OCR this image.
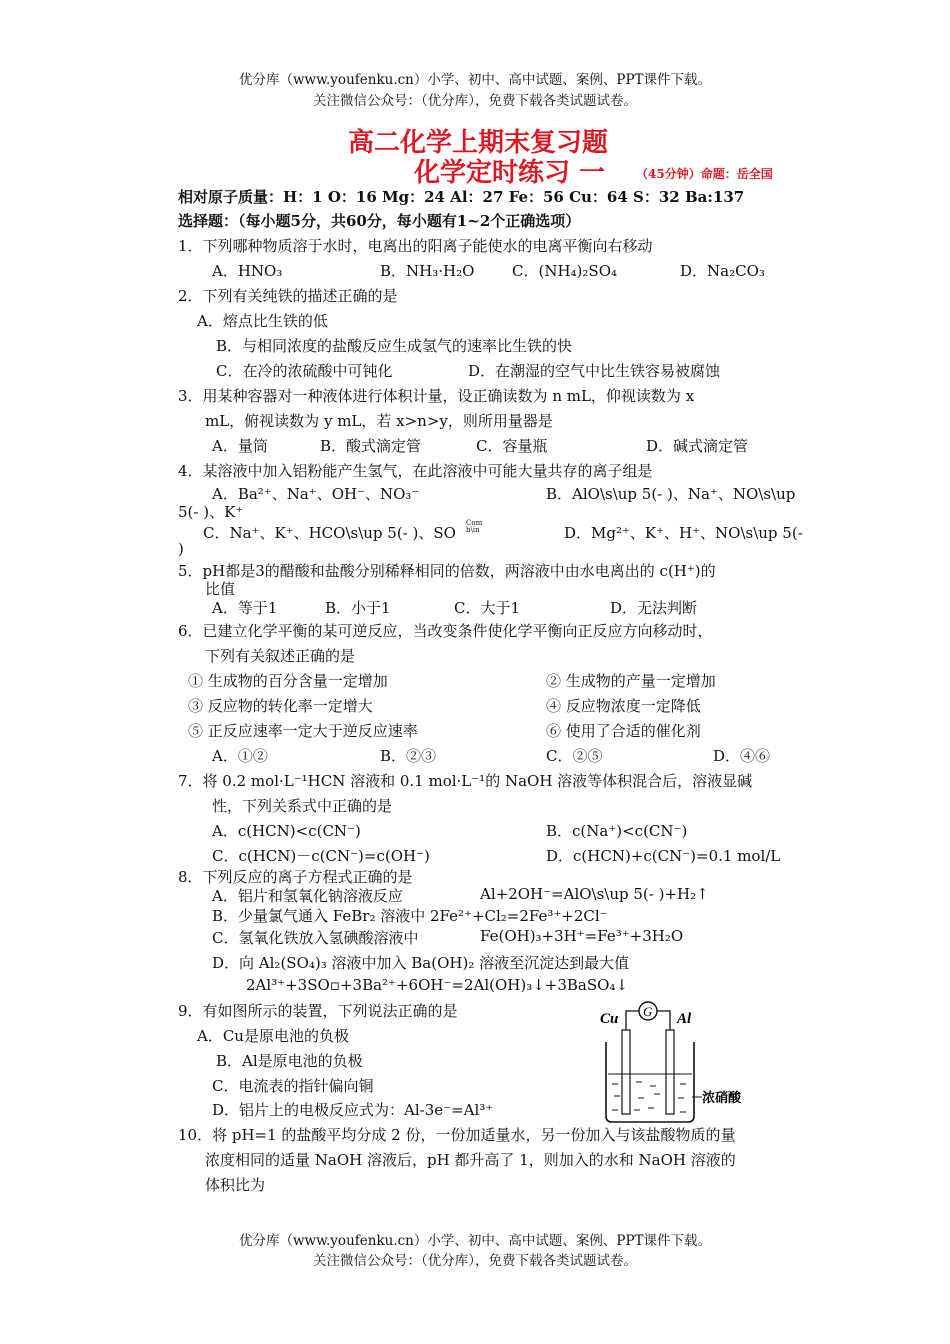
优分库（www.youfenku.cn）小学、初中、高中试题、案例、PPT课件下载。
关注微信公众号：（优分库），免费下载各类试题试卷。
高二化学上期末复习题
化学定时练习 一	（45分钟）命题：岳全国
相对原子质量：H：1 O：16 Mg：24 Al：27 Fe：56 Cu：64 S：32 Ba:137
选择题：（每小题5分，共60分，每小题有1~2个正确选项）
1．下列哪种物质溶于水时，电离出的阳离子能使水的电离平衡向右移动
A．HNO₃	B．NH₃·H₂O	C．(NH₄)₂SO₄	D．Na₂CO₃
2．下列有关纯铁的描述正确的是
A．熔点比生铁的低
B．与相同浓度的盐酸反应生成氢气的速率比生铁的快
C．在冷的浓硫酸中可钝化	D．在潮湿的空气中比生铁容易被腐蚀
3．用某种容器对一种液体进行体积计量，设正确读数为 n mL，仰视读数为 x
mL，俯视读数为 y mL，若 x>n>y，则所用量器是
A．量筒	B．酸式滴定管	C．容量瓶	D．碱式滴定管
4．某溶液中加入铝粉能产生氢气，在此溶液中可能大量共存的离子组是
A．Ba²⁺、Na⁺、OH⁻、NO₃⁻	B．AlO\s\up 5(- )、Na⁺、NO\s\up
5(- )、K⁺
C．Na⁺、K⁺、HCO\s\up 5(- )、SO
Com
b\in	D．Mg²⁺、K⁺、H⁺、NO\s\up 5(-
)
5．pH都是3的醋酸和盐酸分别稀释相同的倍数，两溶液中由水电离出的 c(H⁺)的
比值
A．等于1	B．小于1	C．大于1	D．无法判断
6．已建立化学平衡的某可逆反应，当改变条件使化学平衡向正反应方向移动时，
下列有关叙述正确的是
① 生成物的百分含量一定增加	② 生成物的产量一定增加
③ 反应物的转化率一定增大	④ 反应物浓度一定降低
⑤ 正反应速率一定大于逆反应速率	⑥ 使用了合适的催化剂
A．①②	B．②③	C．②⑤	D．④⑥
7．将 0.2 mol·L⁻¹HCN 溶液和 0.1 mol·L⁻¹的 NaOH 溶液等体积混合后，溶液显碱
性，下列关系式中正确的是
A．c(HCN)<c(CN⁻)	B．c(Na⁺)<c(CN⁻)
C．c(HCN)－c(CN⁻)=c(OH⁻)	D．c(HCN)+c(CN⁻)=0.1 mol/L
8．下列反应的离子方程式正确的是
A．铝片和氢氧化钠溶液反应	Al+2OH⁻=AlO\s\up 5(- )+H₂↑
B．少量氯气通入 FeBr₂ 溶液中 2Fe²⁺+Cl₂=2Fe³⁺+2Cl⁻
C．氢氧化铁放入氢碘酸溶液中	Fe(OH)₃+3H⁺=Fe³⁺+3H₂O
D．向 Al₂(SO₄)₃ 溶液中加入 Ba(OH)₂ 溶液至沉淀达到最大值
2Al³⁺+3SO▫+3Ba²⁺+6OH⁻=2Al(OH)₃↓+3BaSO₄↓
9．有如图所示的装置，下列说法正确的是
A．Cu是原电池的负极
B．Al是原电池的负极
C．电流表的指针偏向铜
D．铝片上的电极反应式为：Al-3e⁻=Al³⁺
Cu	Al
G
浓硝酸
10．将 pH=1 的盐酸平均分成 2 份，一份加适量水，另一份加入与该盐酸物质的量
浓度相同的适量 NaOH 溶液后，pH 都升高了 1，则加入的水和 NaOH 溶液的
体积比为
优分库（www.youfenku.cn）小学、初中、高中试题、案例、PPT课件下载。
关注微信公众号：（优分库），免费下载各类试题试卷。
